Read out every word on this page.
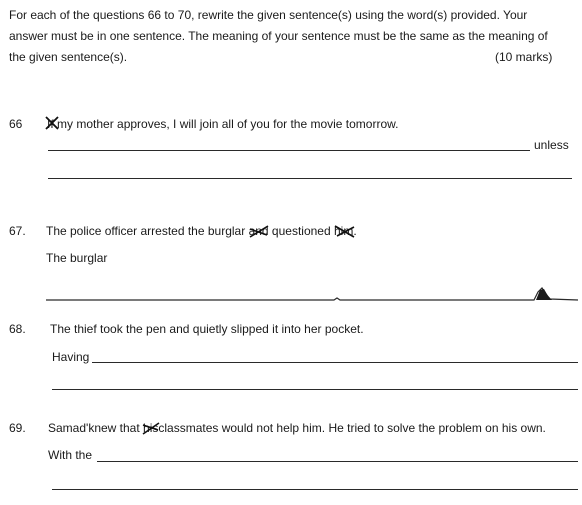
For each of the questions 66 to 70, rewrite the given sentence(s) using the word(s) provided. Your
answer must be in one sentence. The meaning of your sentence must be the same as the meaning of
the given sentence(s).	(10 marks)
66 If my mother approves, I will join all of you for the movie tomorrow.
unless
67. The police officer arrested the burglar and
questioned him
.
The burglar
68. The thief took the pen and quietly slipped it into her pocket.
Having
69. Samad'knew that his
classmates would not help him. He tried to solve the problem on his own.
With the
